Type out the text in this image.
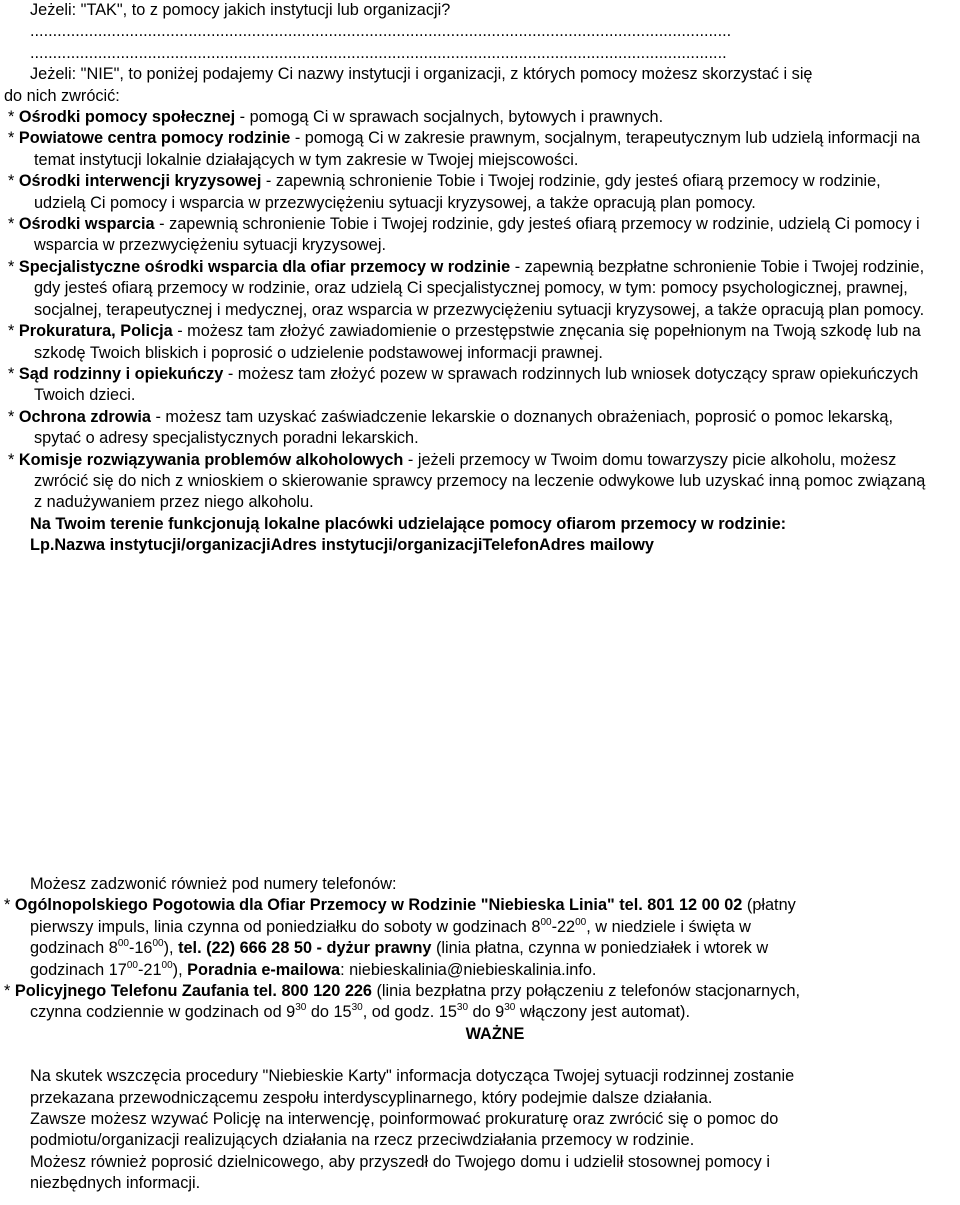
Jeżeli: "TAK", to z pomocy jakich instytucji lub organizacji?
...........................................................................................................................................................
..........................................................................................................................................................
Jeżeli: "NIE", to poniżej podajemy Ci nazwy instytucji i organizacji, z których pomocy możesz skorzystać i się
do nich zwrócić:
* Ośrodki pomocy społecznej - pomogą Ci w sprawach socjalnych, bytowych i prawnych.
* Powiatowe centra pomocy rodzinie - pomogą Ci w zakresie prawnym, socjalnym, terapeutycznym lub udzielą informacji na temat instytucji lokalnie działających w tym zakresie w Twojej miejscowości.
* Ośrodki interwencji kryzysowej - zapewnią schronienie Tobie i Twojej rodzinie, gdy jesteś ofiarą przemocy w rodzinie, udzielą Ci pomocy i wsparcia w przezwyciężeniu sytuacji kryzysowej, a także opracują plan pomocy.
* Ośrodki wsparcia - zapewnią schronienie Tobie i Twojej rodzinie, gdy jesteś ofiarą przemocy w rodzinie, udzielą Ci pomocy i wsparcia w przezwyciężeniu sytuacji kryzysowej.
* Specjalistyczne ośrodki wsparcia dla ofiar przemocy w rodzinie - zapewnią bezpłatne schronienie Tobie i Twojej rodzinie, gdy jesteś ofiarą przemocy w rodzinie, oraz udzielą Ci specjalistycznej pomocy, w tym: pomocy psychologicznej, prawnej, socjalnej, terapeutycznej i medycznej, oraz wsparcia w przezwyciężeniu sytuacji kryzysowej, a także opracują plan pomocy.
* Prokuratura, Policja - możesz tam złożyć zawiadomienie o przestępstwie znęcania się popełnionym na Twoją szkodę lub na szkodę Twoich bliskich i poprosić o udzielenie podstawowej informacji prawnej.
* Sąd rodzinny i opiekuńczy - możesz tam złożyć pozew w sprawach rodzinnych lub wniosek dotyczący spraw opiekuńczych Twoich dzieci.
* Ochrona zdrowia - możesz tam uzyskać zaświadczenie lekarskie o doznanych obrażeniach, poprosić o pomoc lekarską, spytać o adresy specjalistycznych poradni lekarskich.
* Komisje rozwiązywania problemów alkoholowych - jeżeli przemocy w Twoim domu towarzyszy picie alkoholu, możesz zwrócić się do nich z wnioskiem o skierowanie sprawcy przemocy na leczenie odwykowe lub uzyskać inną pomoc związaną z nadużywaniem przez niego alkoholu.
Na Twoim terenie funkcjonują lokalne placówki udzielające pomocy ofiarom przemocy w rodzinie:
Lp.Nazwa instytucji/organizacjiAdres instytucji/organizacjiTelefonAdres mailowy
Możesz zadzwonić również pod numery telefonów:
* Ogólnopolskiego Pogotowia dla Ofiar Przemocy w Rodzinie "Niebieska Linia" tel. 801 12 00 02 (płatny
pierwszy impuls, linia czynna od poniedziałku do soboty w godzinach $8^{00}-22^{00}$, w niedziele i święta w
godzinach $8^{00}-16^{00}$), tel. (22) 666 28 50 - dyżur prawny (linia płatna, czynna w poniedziałek i wtorek w
godzinach $17^{00}-21^{00}$), Poradnia e-mailowa: niebieskalinia@niebieskalinia.info.
* Policyjnego Telefonu Zaufania tel. 800 120 226 (linia bezpłatna przy połączeniu z telefonów stacjonarnych,
czynna codziennie w godzinach od $9^{30}$ do $15^{30}$, od godz. $15^{30}$ do $9^{30}$ włączony jest automat).
WAŻNE
Na skutek wszczęcia procedury "Niebieskie Karty" informacja dotycząca Twojej sytuacji rodzinnej zostanie
przekazana przewodniczącemu zespołu interdyscyplinarnego, który podejmie dalsze działania.
Zawsze możesz wzywać Policję na interwencję, poinformować prokuraturę oraz zwrócić się o pomoc do
podmiotu/organizacji realizujących działania na rzecz przeciwdziałania przemocy w rodzinie.
Możesz również poprosić dzielnicowego, aby przyszedł do Twojego domu i udzielił stosownej pomocy i
niezbędnych informacji.
